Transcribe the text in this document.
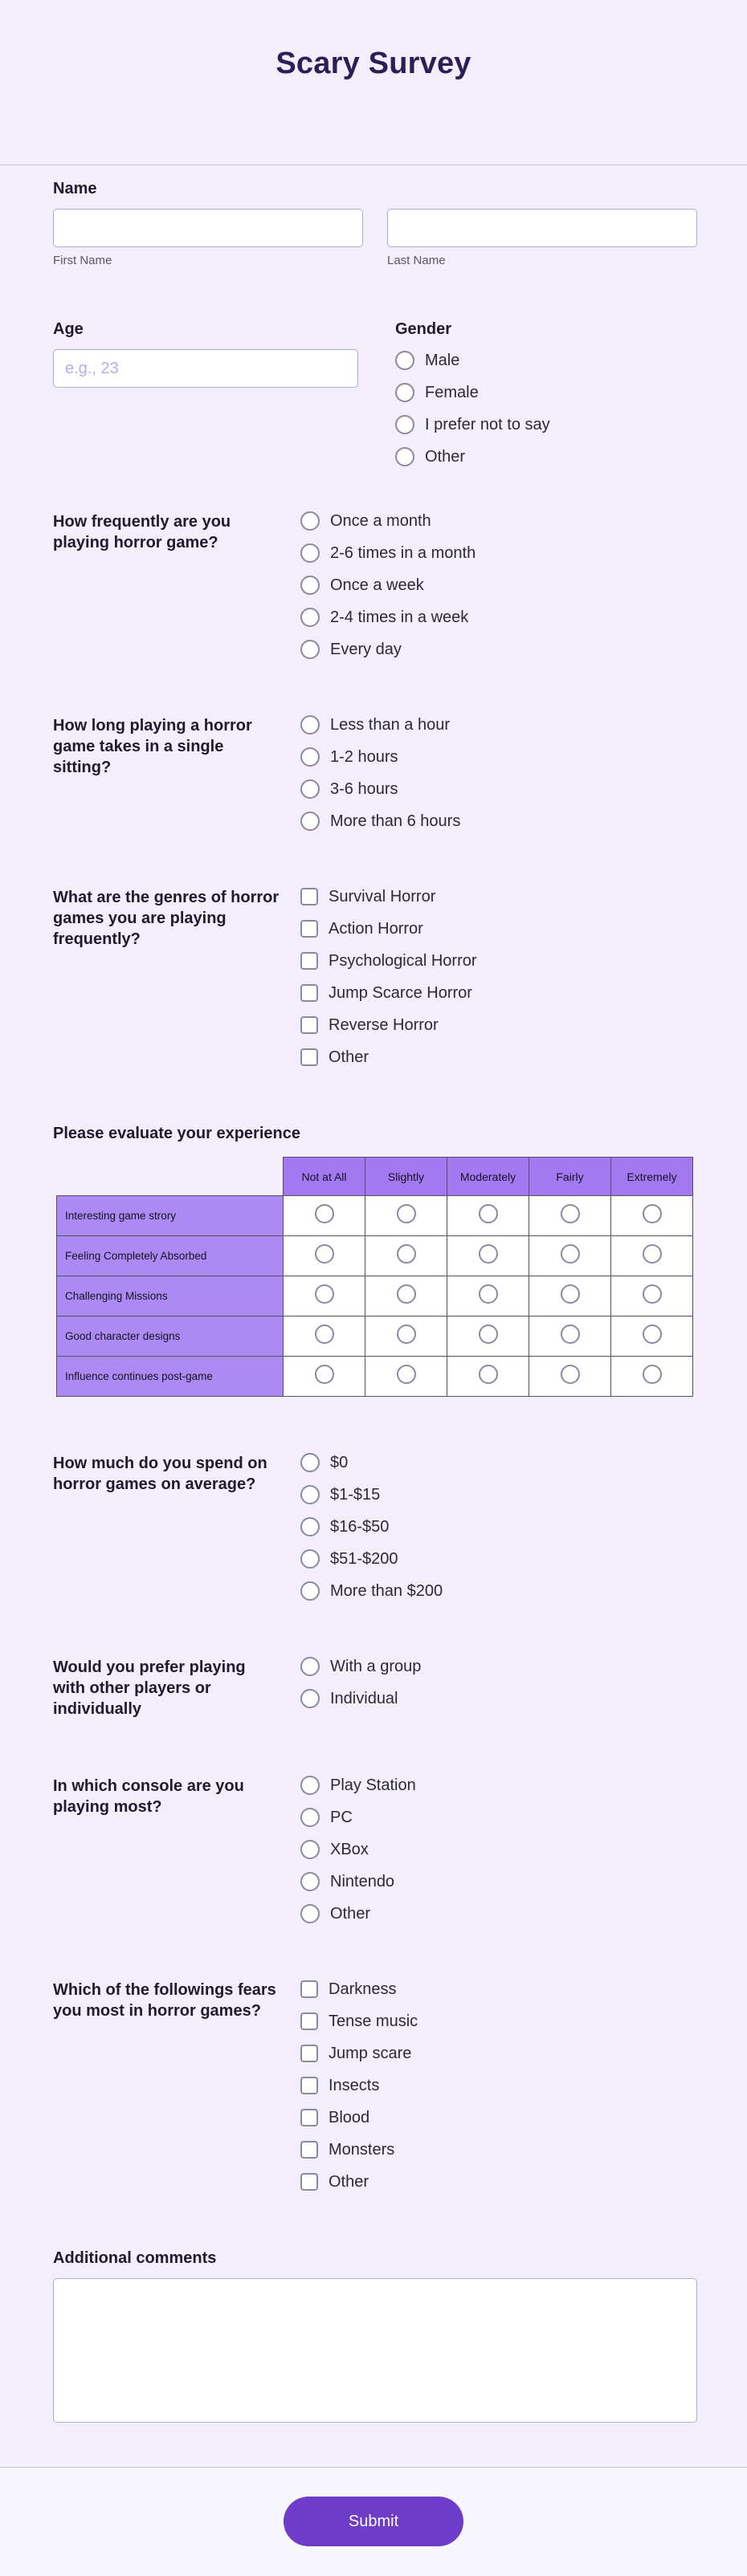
Scary Survey
Name
First Name	Last Name
Age
e.g., 23	Gender
Male
Female
I prefer not to say
Other
How frequently are you playing horror game?
Once a month
2-6 times in a month
Once a week
2-4 times in a week
Every day
How long playing a horror game takes in a single sitting?
Less than a hour
1-2 hours
3-6 hours
More than 6 hours
What are the genres of horror games you are playing frequently?
Survival Horror
Action Horror
Psychological Horror
Jump Scarce Horror
Reverse Horror
Other
Please evaluate your experience
	Not at All	Slightly	Moderately	Fairly	Extremely
Interesting game strory					
Feeling Completely Absorbed					
Challenging Missions					
Good character designs					
Influence continues post-game					
How much do you spend on horror games on average?
$0
$1-$15
$16-$50
$51-$200
More than $200
Would you prefer playing with other players or individually
With a group
Individual
In which console are you playing most?
Play Station
PC
XBox
Nintendo
Other
Which of the followings fears you most in horror games?
Darkness
Tense music
Jump scare
Insects
Blood
Monsters
Other
Additional comments
Submit
